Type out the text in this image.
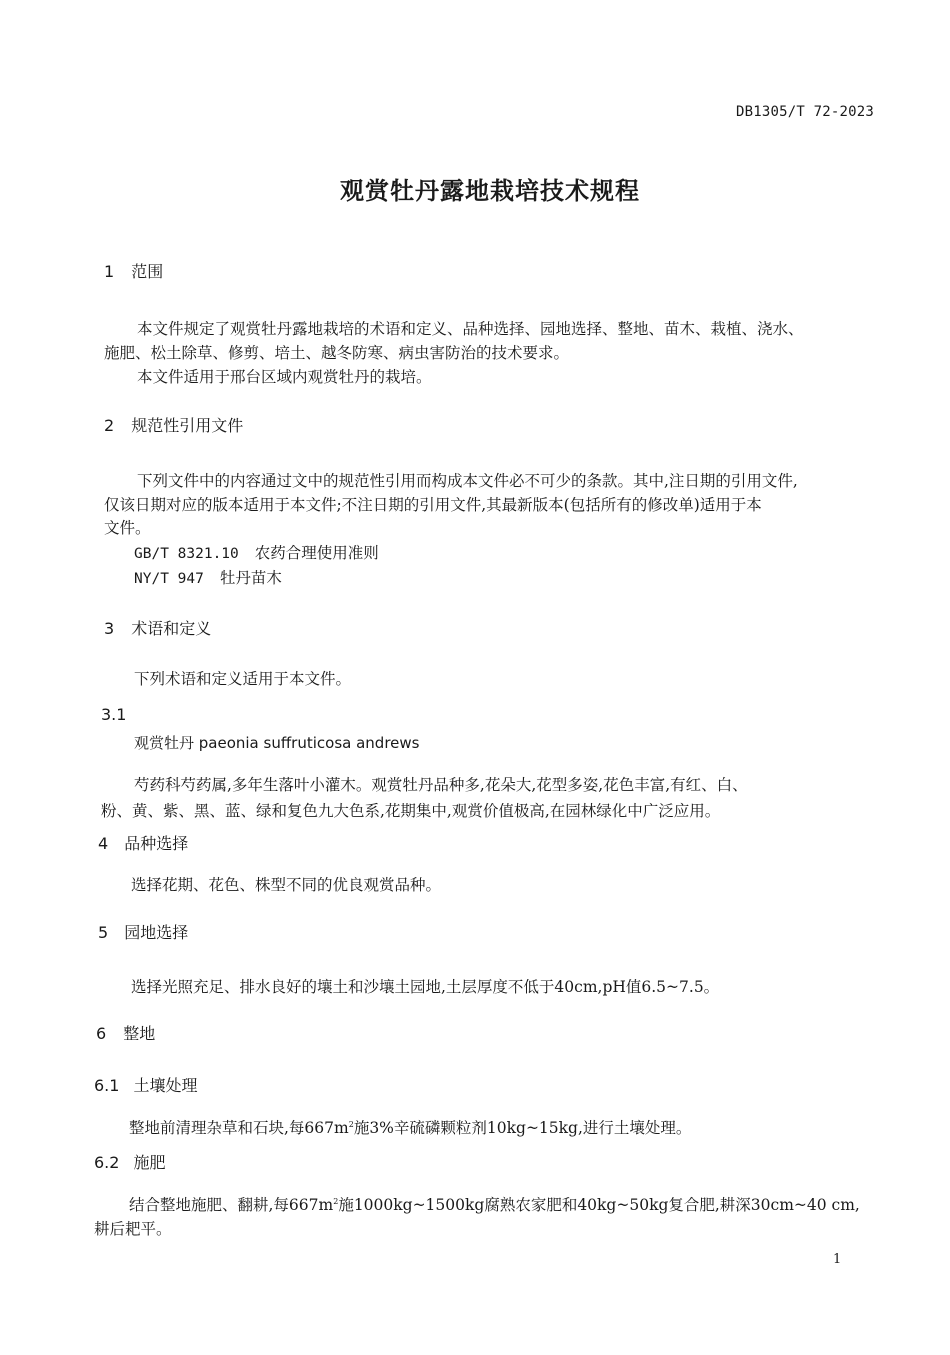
DB1305/T 72-2023
观赏牡丹露地栽培技术规程
1 范围
本文件规定了观赏牡丹露地栽培的术语和定义、品种选择、园地选择、整地、苗木、栽植、浇水、
施肥、松土除草、修剪、培土、越冬防寒、病虫害防治的技术要求。
本文件适用于邢台区域内观赏牡丹的栽培。
2 规范性引用文件
下列文件中的内容通过文中的规范性引用而构成本文件必不可少的条款。其中,注日期的引用文件,
仅该日期对应的版本适用于本文件;不注日期的引用文件,其最新版本(包括所有的修改单)适用于本
文件。
GB/T 8321.10 农药合理使用准则
NY/T 947 牡丹苗木
3 术语和定义
下列术语和定义适用于本文件。
3.1
观赏牡丹 paeonia suffruticosa andrews
芍药科芍药属,多年生落叶小灌木。观赏牡丹品种多,花朵大,花型多姿,花色丰富,有红、白、
粉、黄、紫、黑、蓝、绿和复色九大色系,花期集中,观赏价值极高,在园林绿化中广泛应用。
4 品种选择
选择花期、花色、株型不同的优良观赏品种。
5 园地选择
选择光照充足、排水良好的壤土和沙壤土园地,土层厚度不低于40cm,pH值6.5~7.5。
6 整地
6.1 土壤处理
整地前清理杂草和石块,每$667m^2$施3%辛硫磷颗粒剂10kg~15kg,进行土壤处理。
6.2 施肥
结合整地施肥、翻耕,每$667m^2$施1000kg~1500kg腐熟农家肥和40kg~50kg复合肥,耕深30cm~40 cm,
耕后耙平。
1
